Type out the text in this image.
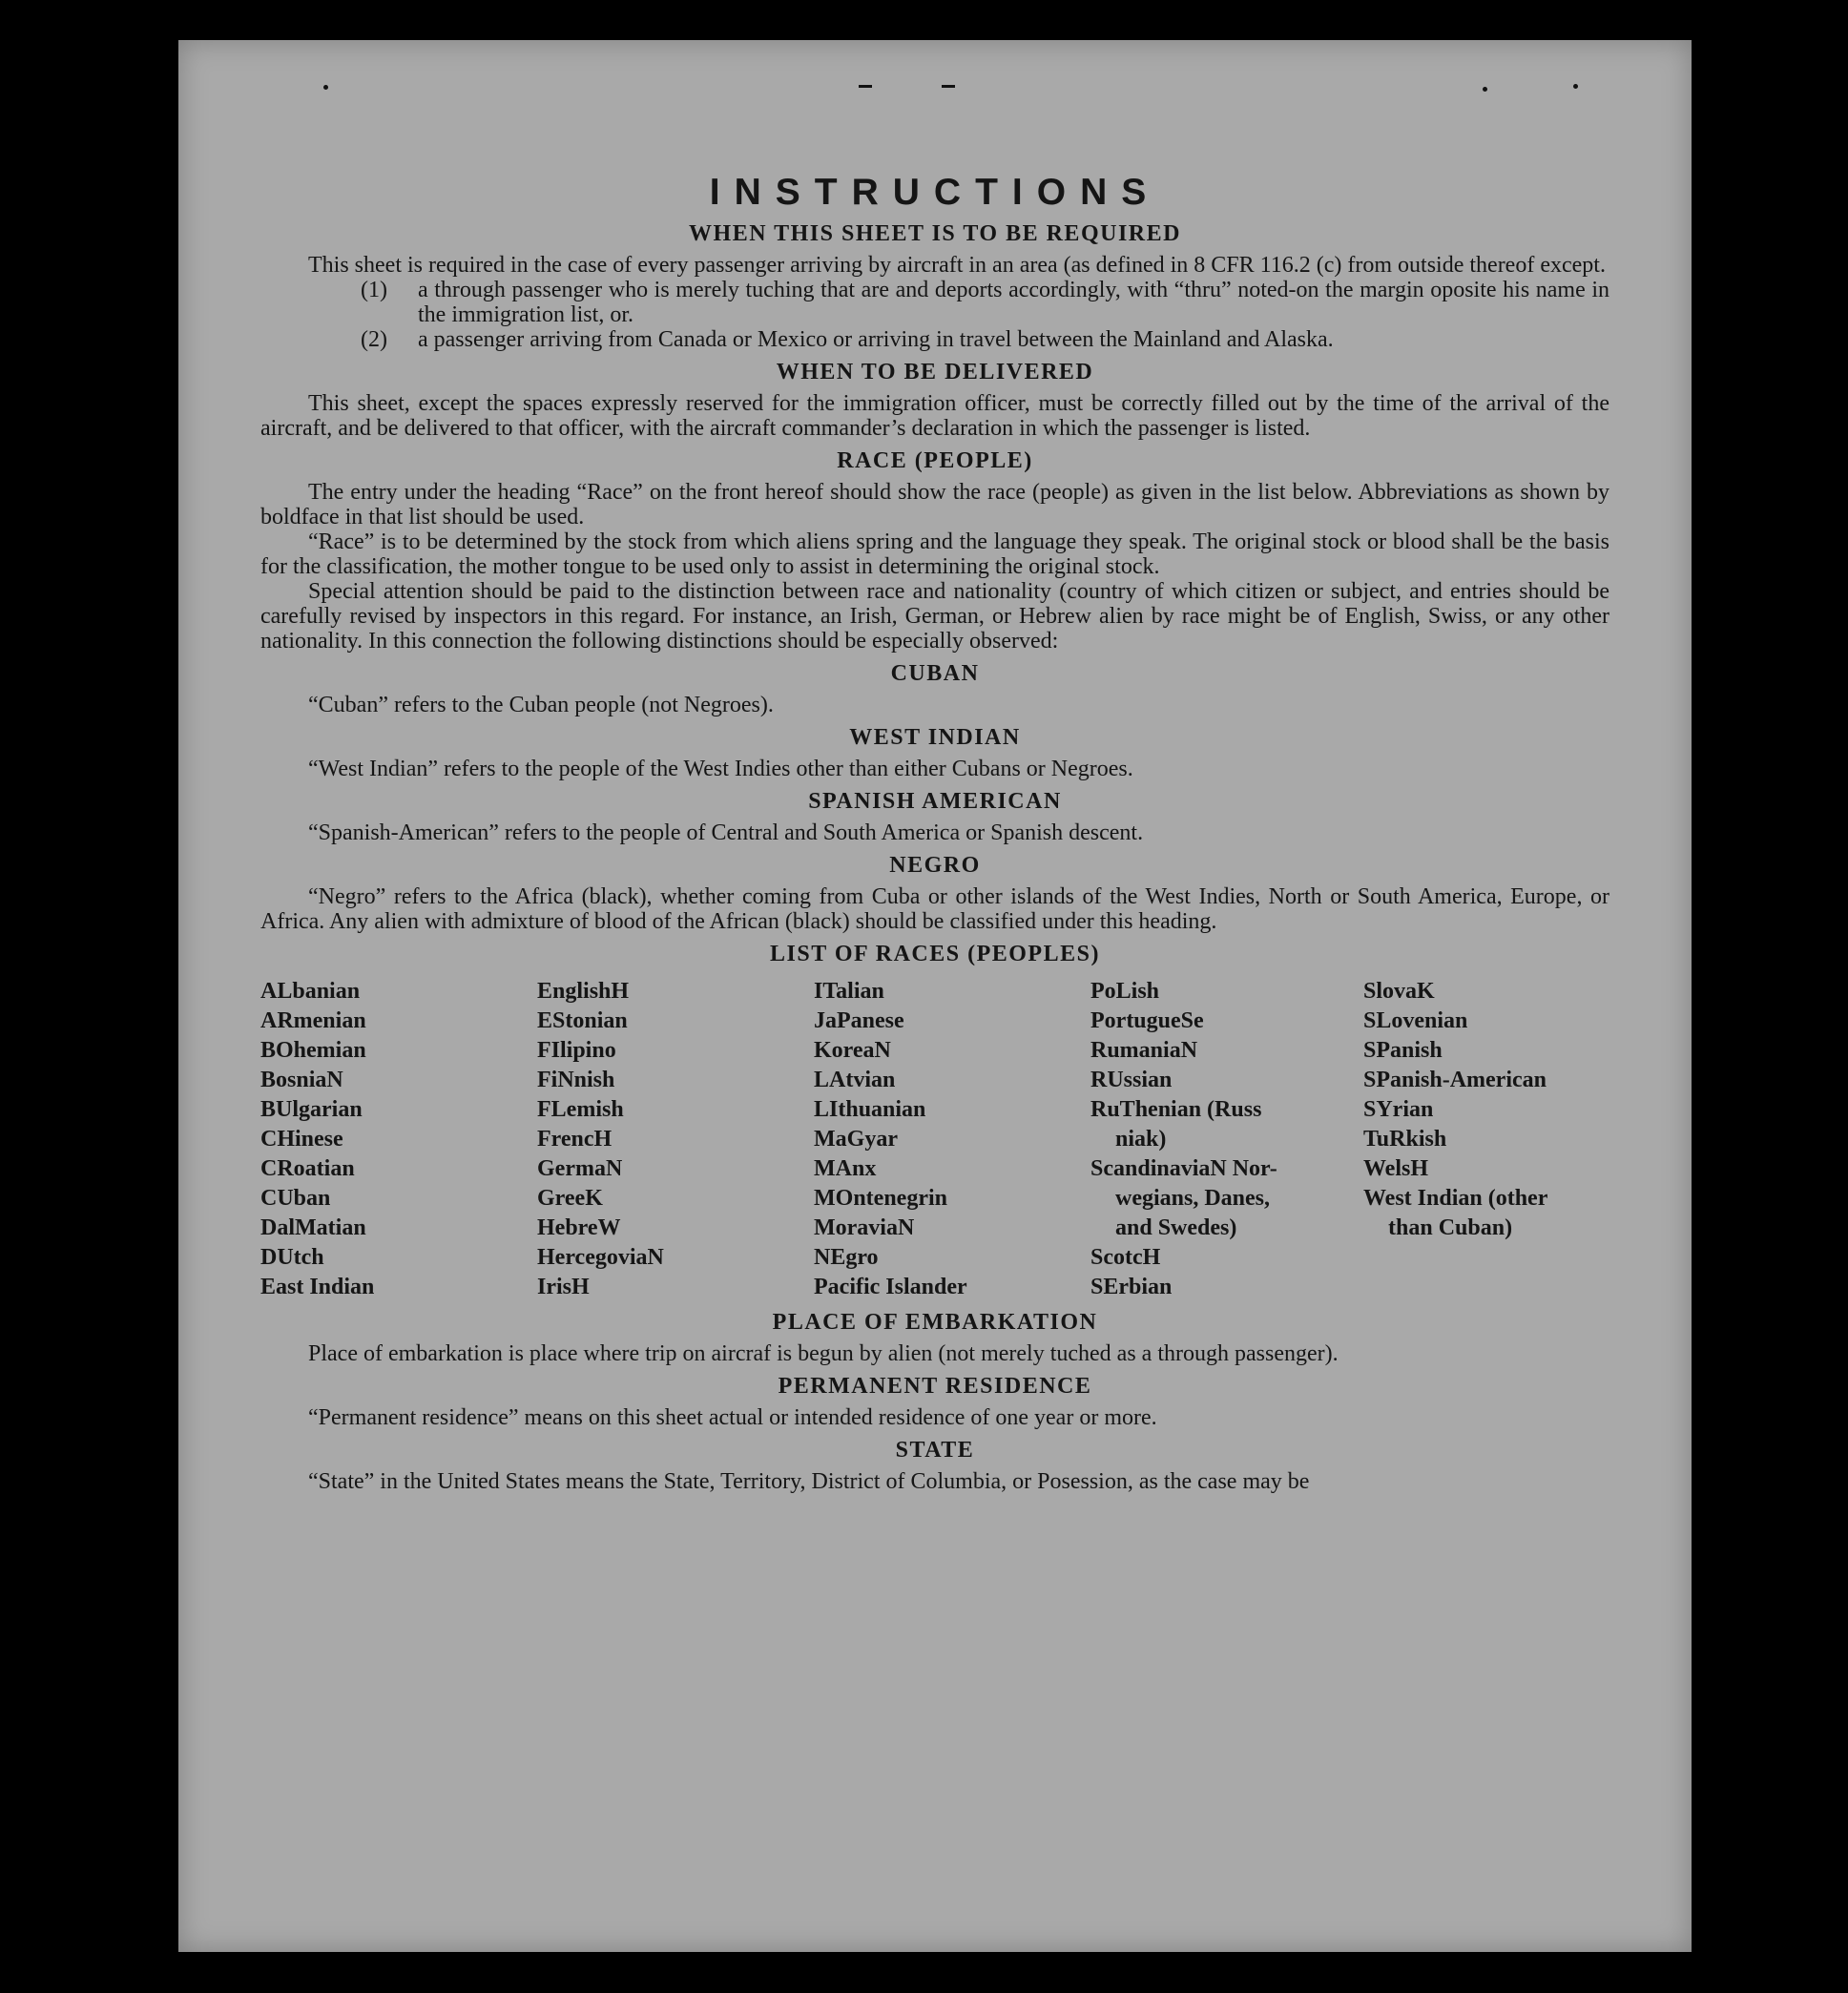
INSTRUCTIONS
WHEN THIS SHEET IS TO BE REQUIRED

This sheet is required in the case of every passenger arriving by aircraft in an area (as defined in 8 CFR 116.2 (c) from outside thereof except.

(1)	a through passenger who is merely tuching that are and deports accordingly, with “thru” noted-on the margin oposite his name in the immigration list, or.
(2)	a passenger arriving from Canada or Mexico or arriving in travel between the Mainland and Alaska.
WHEN TO BE DELIVERED

This sheet, except the spaces expressly reserved for the immigration officer, must be correctly filled out by the time of the arrival of the aircraft, and be delivered to that officer, with the aircraft commander’s declaration in which the passenger is listed.

RACE (PEOPLE)

The entry under the heading “Race” on the front hereof should show the race (people) as given in the list below. Abbreviations as shown by boldface in that list should be used.

“Race” is to be determined by the stock from which aliens spring and the language they speak. The original stock or blood shall be the basis for the classification, the mother tongue to be used only to assist in determining the original stock.

Special attention should be paid to the distinction between race and nationality (country of which citizen or subject, and entries should be carefully revised by inspectors in this regard. For instance, an Irish, German, or Hebrew alien by race might be of English, Swiss, or any other nationality. In this connection the following distinctions should be especially observed:

CUBAN

“Cuban” refers to the Cuban people (not Negroes).

WEST INDIAN

“West Indian” refers to the people of the West Indies other than either Cubans or Negroes.

SPANISH AMERICAN

“Spanish-American” refers to the people of Central and South America or Spanish descent.

NEGRO

“Negro” refers to the Africa (black), whether coming from Cuba or other islands of the West Indies, North or South America, Europe, or Africa. Any alien with admixture of blood of the African (black) should be classified under this heading.

LIST OF RACES (PEOPLES)
ALbanian
ARmenian
BOhemian
BosniaN
BUlgarian
CHinese
CRoatian
CUban
DalMatian
DUtch
East Indian
EnglishH
EStonian
FIlipino
FiNnish
FLemish
FrencH
GermaN
GreeK
HebreW
HercegoviaN
IrisH
ITalian
JaPanese
KoreaN
LAtvian
LIthuanian
MaGyar
MAnx
MOntenegrin
MoraviaN
NEgro
Pacific Islander
PoLish
PortugueSe
RumaniaN
RUssian
RuThenian (Russ
niak)
ScandinaviaN Nor-
wegians, Danes,
and Swedes)
ScotcH
SErbian
SlovaK
SLovenian
SPanish
SPanish-American
SYrian
TuRkish
WelsH
West Indian (other
than Cuban)
PLACE OF EMBARKATION

Place of embarkation is place where trip on aircraf is begun by alien (not merely tuched as a through passenger).

PERMANENT RESIDENCE

“Permanent residence” means on this sheet actual or intended residence of one year or more.

STATE

“State” in the United States means the State, Territory, District of Columbia, or Posession, as the case may be
